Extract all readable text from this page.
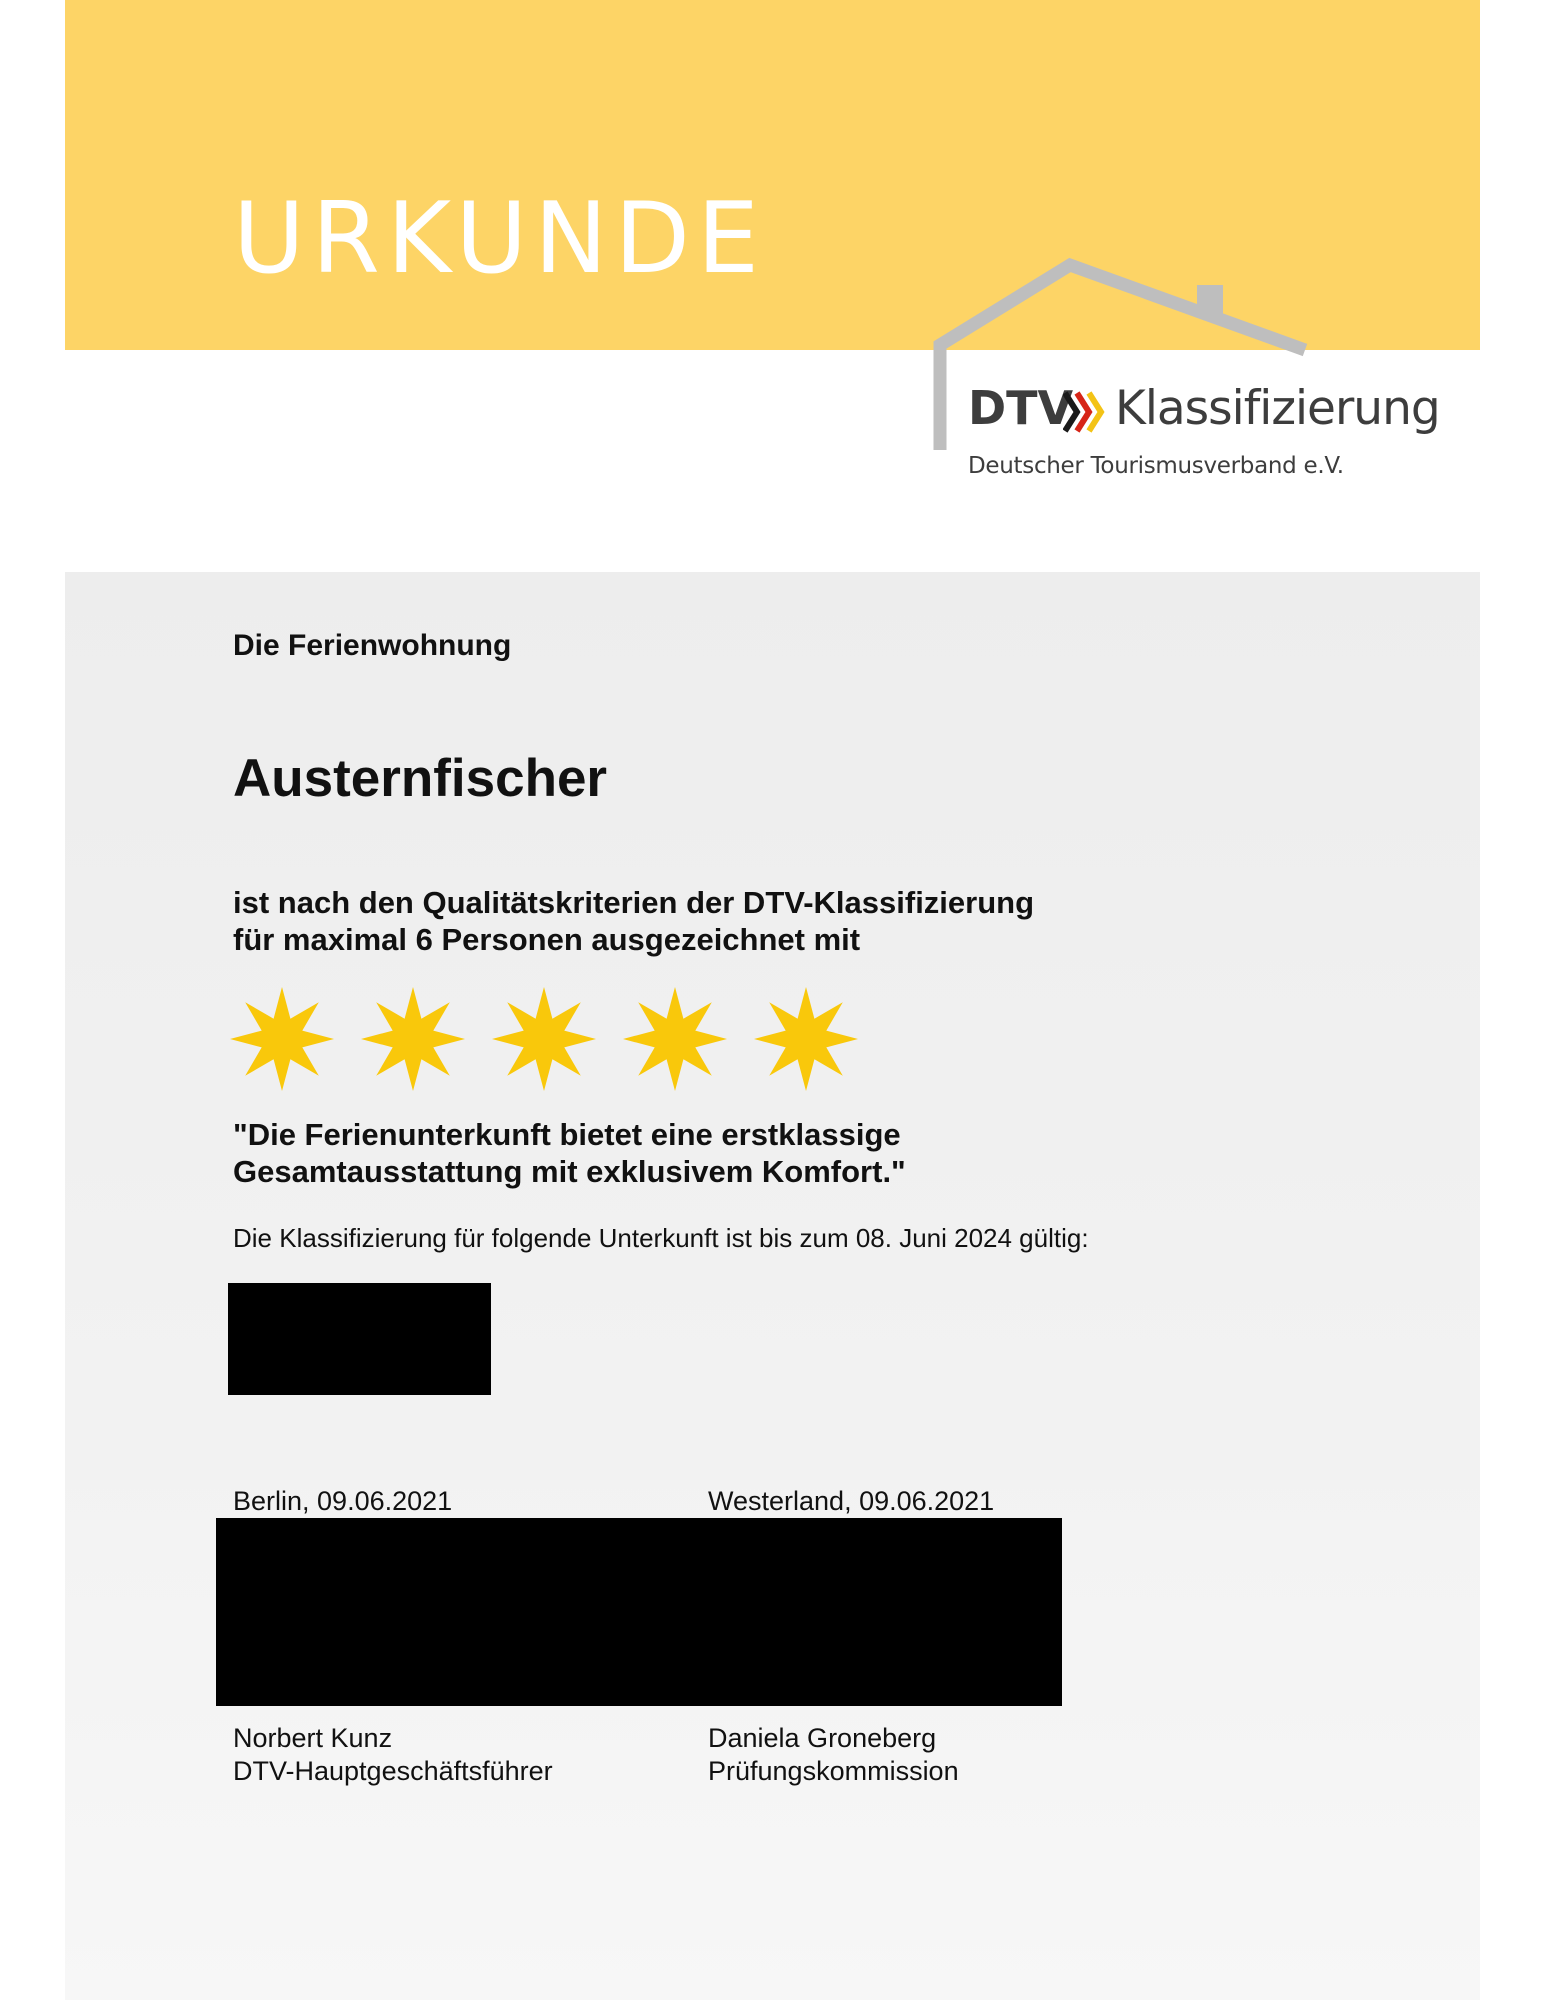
URKUNDE
DTV Klassifizierung
Deutscher Tourismusverband e.V.
Die Ferienwohnung
Austernfischer
ist nach den Qualitätskriterien der DTV-Klassifizierung
für maximal 6 Personen ausgezeichnet mit
"Die Ferienunterkunft bietet eine erstklassige
Gesamtausstattung mit exklusivem Komfort."
Die Klassifizierung für folgende Unterkunft ist bis zum 08. Juni 2024 gültig:
Berlin, 09.06.2021	Westerland, 09.06.2021
Norbert Kunz
DTV-Hauptgeschäftsführer
Daniela Groneberg
Prüfungskommission
